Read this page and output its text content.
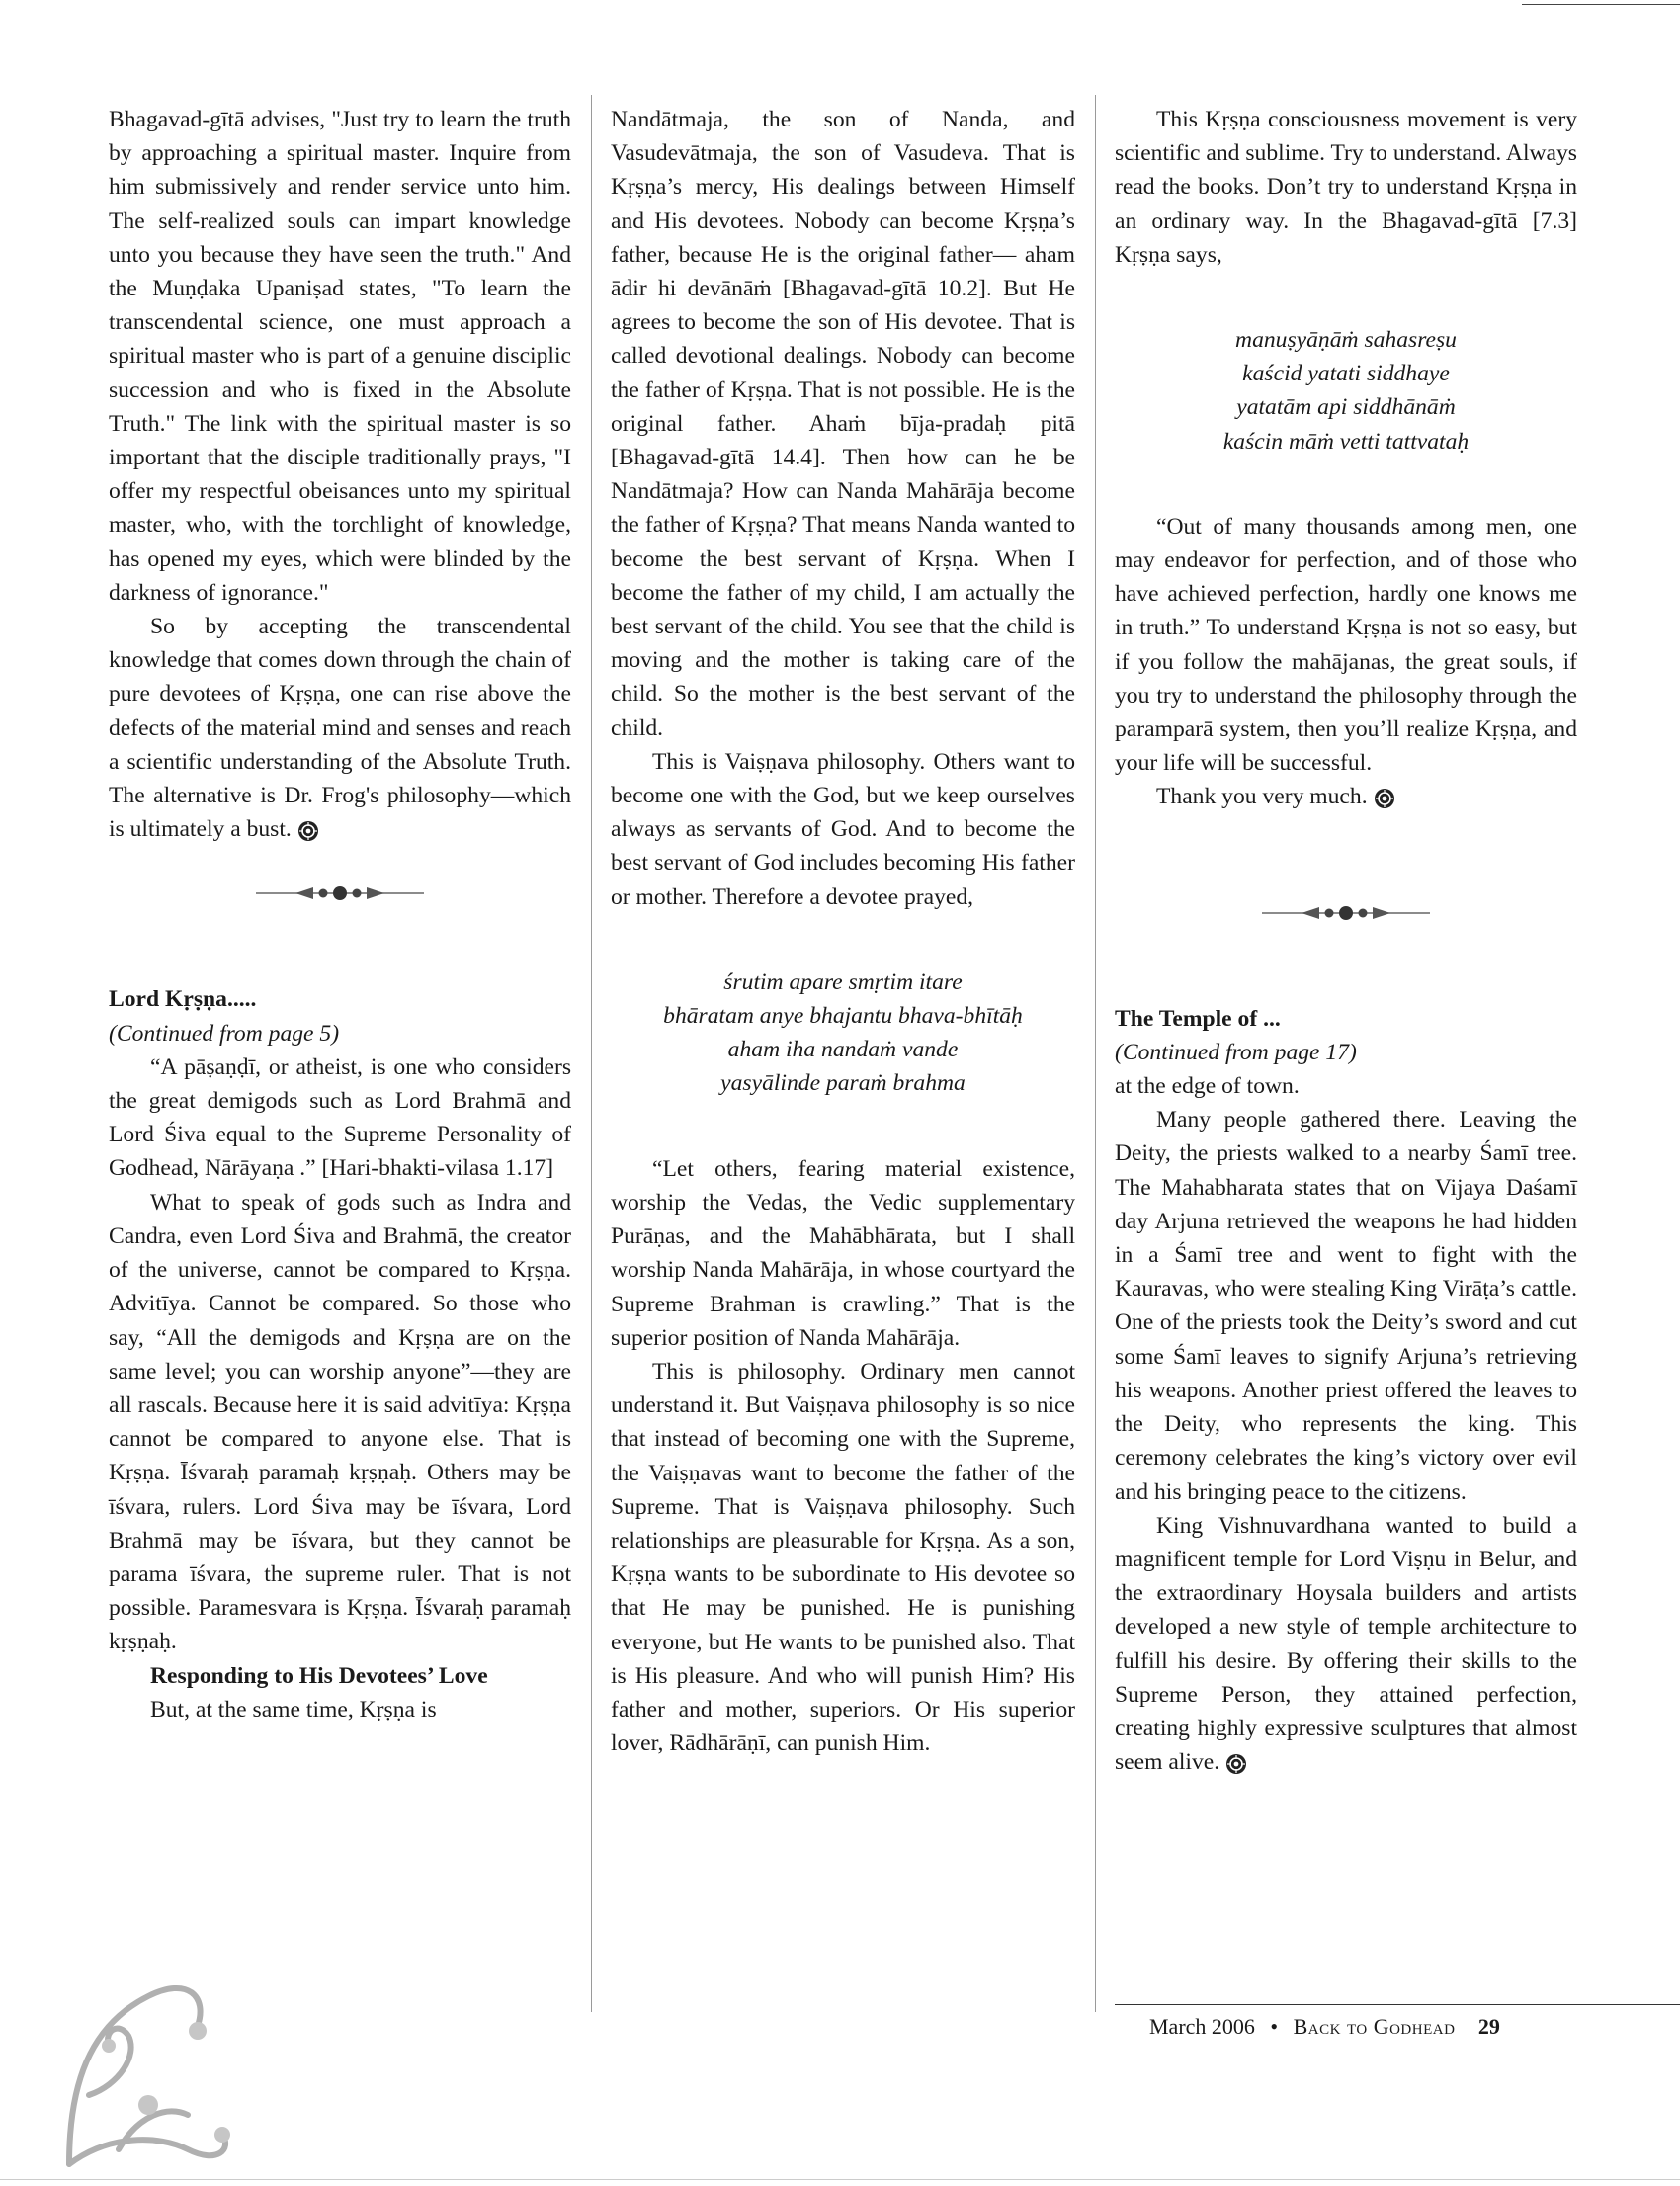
Bhagavad-gītā advises, "Just try to learn the truth by approaching a spiritual master. Inquire from him submissively and render service unto him. The self-realized souls can impart knowledge unto you because they have seen the truth." And the Muṇḍaka Upaniṣad states, "To learn the transcendental science, one must approach a spiritual master who is part of a genuine disciplic succession and who is fixed in the Absolute Truth." The link with the spiritual master is so important that the disciple traditionally prays, "I offer my respectful obeisances unto my spiritual master, who, with the torchlight of knowledge, has opened my eyes, which were blinded by the darkness of ignorance."

So by accepting the transcendental knowledge that comes down through the chain of pure devotees of Kṛṣṇa, one can rise above the defects of the material mind and senses and reach a scientific understanding of the Absolute Truth. The alternative is Dr. Frog's philosophy—which is ultimately a bust.

Lord Kṛṣṇa.....

(Continued from page 5)

“A pāṣaṇḍī, or atheist, is one who considers the great demigods such as Lord Brahmā and Lord Śiva equal to the Supreme Personality of Godhead, Nārāyaṇa .” [Hari-bhakti-vilasa 1.17]

What to speak of gods such as Indra and Candra, even Lord Śiva and Brahmā, the creator of the universe, cannot be compared to Kṛṣṇa. Advitīya. Cannot be compared. So those who say, “All the demigods and Kṛṣṇa are on the same level; you can worship anyone”—they are all rascals. Because here it is said advitīya: Kṛṣṇa cannot be compared to anyone else. That is Kṛṣṇa. Īśvaraḥ paramaḥ kṛṣṇaḥ. Others may be īśvara, rulers. Lord Śiva may be īśvara, Lord Brahmā may be īśvara, but they cannot be parama īśvara, the supreme ruler. That is not possible. Paramesvara is Kṛṣṇa. Īśvaraḥ paramaḥ kṛṣṇaḥ.

Responding to His Devotees’ Love

But, at the same time, Kṛṣṇa is

Nandātmaja, the son of Nanda, and Vasudevātmaja, the son of Vasudeva. That is Kṛṣṇa’s mercy, His dealings between Himself and His devotees. Nobody can become Kṛṣṇa’s father, because He is the original father— aham ādir hi devānāṁ [Bhagavad-gītā 10.2]. But He agrees to become the son of His devotee. That is called devotional dealings. Nobody can become the father of Kṛṣṇa. That is not possible. He is the original father. Ahaṁ bīja-pradaḥ pitā [Bhagavad-gītā 14.4]. Then how can he be Nandātmaja? How can Nanda Mahārāja become the father of Kṛṣṇa? That means Nanda wanted to become the best servant of Kṛṣṇa. When I become the father of my child, I am actually the best servant of the child. You see that the child is moving and the mother is taking care of the child. So the mother is the best servant of the child.

This is Vaiṣṇava philosophy. Others want to become one with the God, but we keep ourselves always as servants of God. And to become the best servant of God includes becoming His father or mother. Therefore a devotee prayed,

śrutim apare smṛtim itare
bhāratam anye bhajantu bhava-bhītāḥ
aham iha nandaṁ vande
yasyālinde paraṁ brahma

“Let others, fearing material existence, worship the Vedas, the Vedic supplementary Purāṇas, and the Mahābhārata, but I shall worship Nanda Mahārāja, in whose courtyard the Supreme Brahman is crawling.” That is the superior position of Nanda Mahārāja.

This is philosophy. Ordinary men cannot understand it. But Vaiṣṇava philosophy is so nice that instead of becoming one with the Supreme, the Vaiṣṇavas want to become the father of the Supreme. That is Vaiṣṇava philosophy. Such relationships are pleasurable for Kṛṣṇa. As a son, Kṛṣṇa wants to be subordinate to His devotee so that He may be punished. He is punishing everyone, but He wants to be punished also. That is His pleasure. And who will punish Him? His father and mother, superiors. Or His superior lover, Rādhārāṇī, can punish Him.

This Kṛṣṇa consciousness movement is very scientific and sublime. Try to understand. Always read the books. Don’t try to understand Kṛṣṇa in an ordinary way. In the Bhagavad-gītā [7.3] Kṛṣṇa says,

manuṣyāṇāṁ sahasreṣu
kaścid yatati siddhaye
yatatām api siddhānāṁ
kaścin māṁ vetti tattvataḥ

“Out of many thousands among men, one may endeavor for perfection, and of those who have achieved perfection, hardly one knows me in truth.” To understand Kṛṣṇa is not so easy, but if you follow the mahājanas, the great souls, if you try to understand the philosophy through the paramparā system, then you’ll realize Kṛṣṇa, and your life will be successful.

Thank you very much.

The Temple of ...

(Continued from page 17)

at the edge of town.

Many people gathered there. Leaving the Deity, the priests walked to a nearby Śamī tree. The Mahabharata states that on Vijaya Daśamī day Arjuna retrieved the weapons he had hidden in a Śamī tree and went to fight with the Kauravas, who were stealing King Virāṭa’s cattle. One of the priests took the Deity’s sword and cut some Śamī leaves to signify Arjuna’s retrieving his weapons. Another priest offered the leaves to the Deity, who represents the king. This ceremony celebrates the king’s victory over evil and his bringing peace to the citizens.

King Vishnuvardhana wanted to build a magnificent temple for Lord Viṣṇu in Belur, and the extraordinary Hoysala builders and artists developed a new style of temple architecture to fulfill his desire. By offering their skills to the Supreme Person, they attained perfection, creating highly expressive sculptures that almost seem alive.

March 2006 • Back to Godhead 29
